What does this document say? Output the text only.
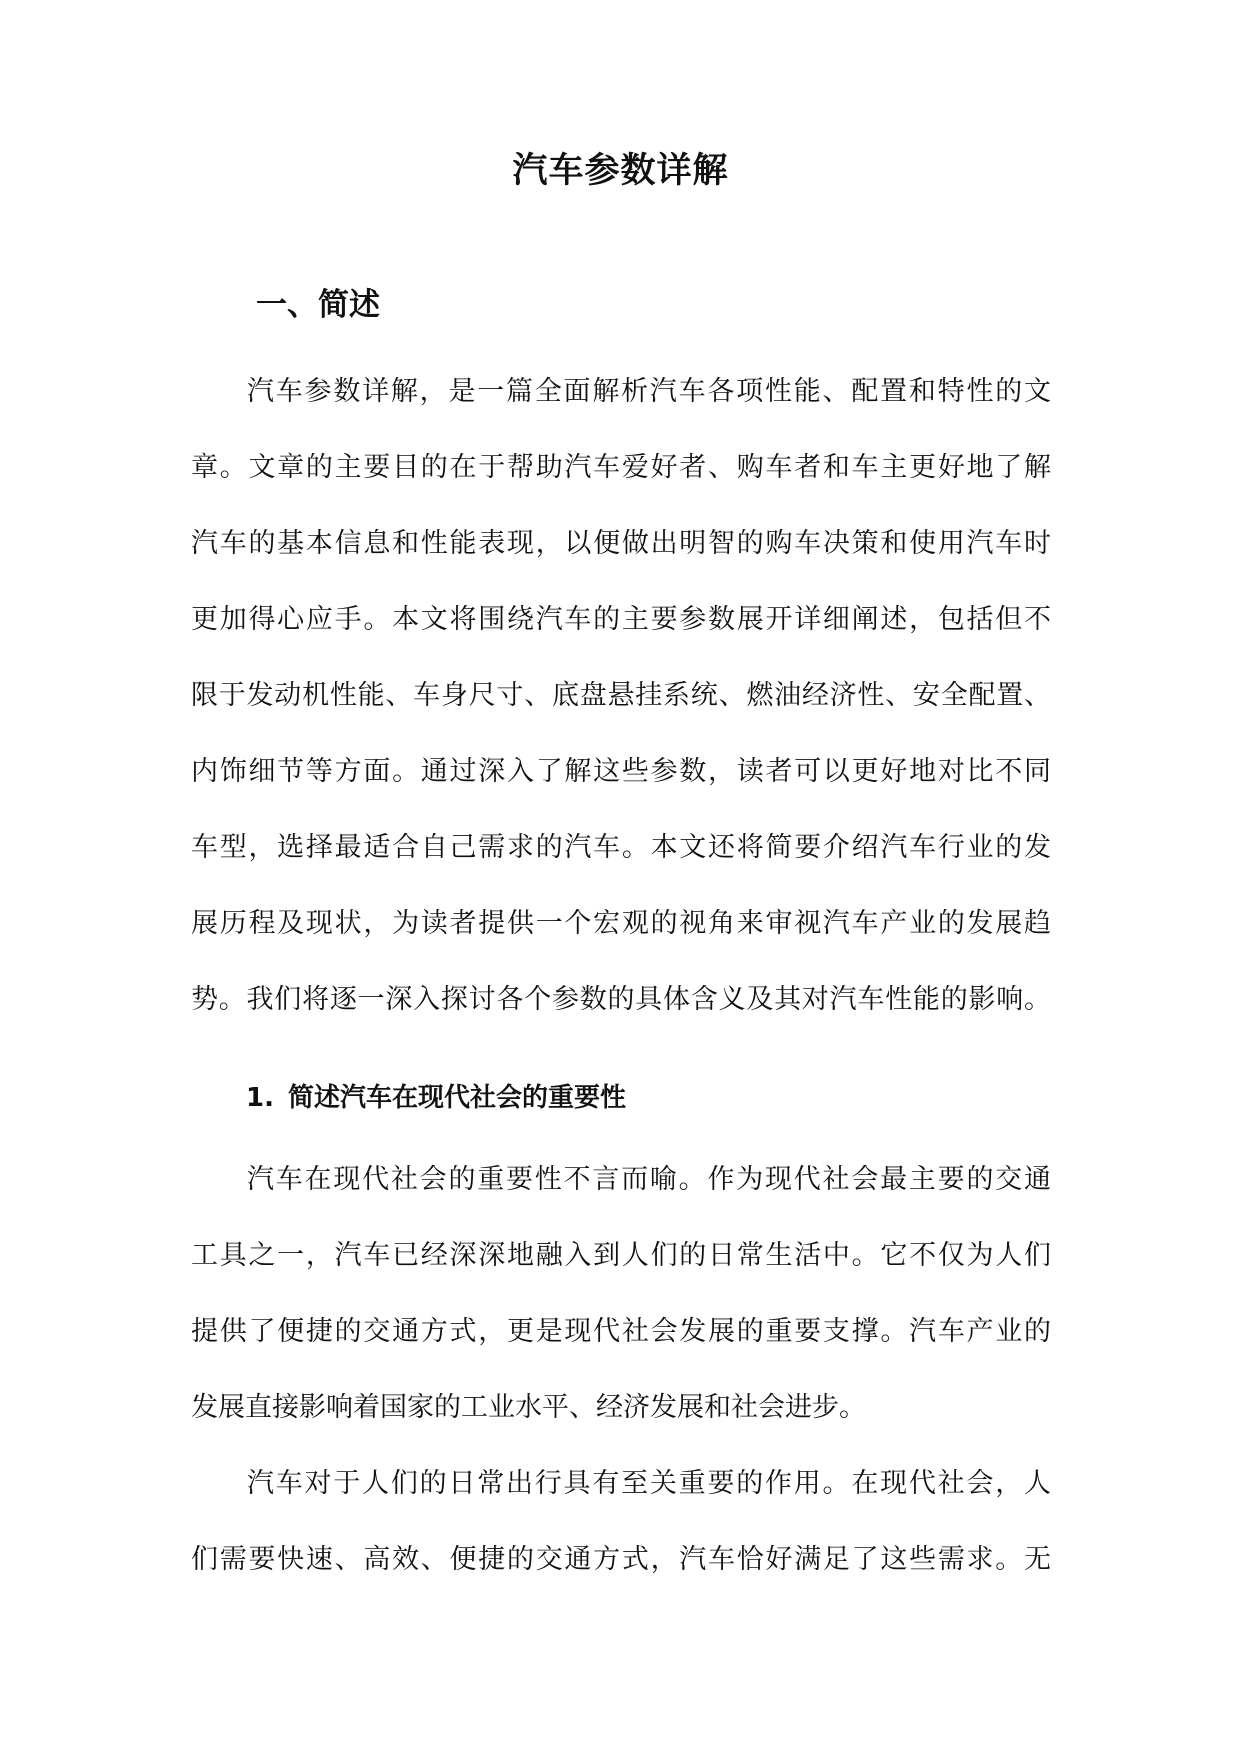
汽车参数详解
一、简述
汽车参数详解，是一篇全面解析汽车各项性能、配置和特性的文
章。文章的主要目的在于帮助汽车爱好者、购车者和车主更好地了解
汽车的基本信息和性能表现，以便做出明智的购车决策和使用汽车时
更加得心应手。本文将围绕汽车的主要参数展开详细阐述，包括但不
限于发动机性能、车身尺寸、底盘悬挂系统、燃油经济性、安全配置、
内饰细节等方面。通过深入了解这些参数，读者可以更好地对比不同
车型，选择最适合自己需求的汽车。本文还将简要介绍汽车行业的发
展历程及现状，为读者提供一个宏观的视角来审视汽车产业的发展趋
势。我们将逐一深入探讨各个参数的具体含义及其对汽车性能的影响。
1. 简述汽车在现代社会的重要性
汽车在现代社会的重要性不言而喻。作为现代社会最主要的交通
工具之一，汽车已经深深地融入到人们的日常生活中。它不仅为人们
提供了便捷的交通方式，更是现代社会发展的重要支撑。汽车产业的
发展直接影响着国家的工业水平、经济发展和社会进步。
汽车对于人们的日常出行具有至关重要的作用。在现代社会，人
们需要快速、高效、便捷的交通方式，汽车恰好满足了这些需求。无
